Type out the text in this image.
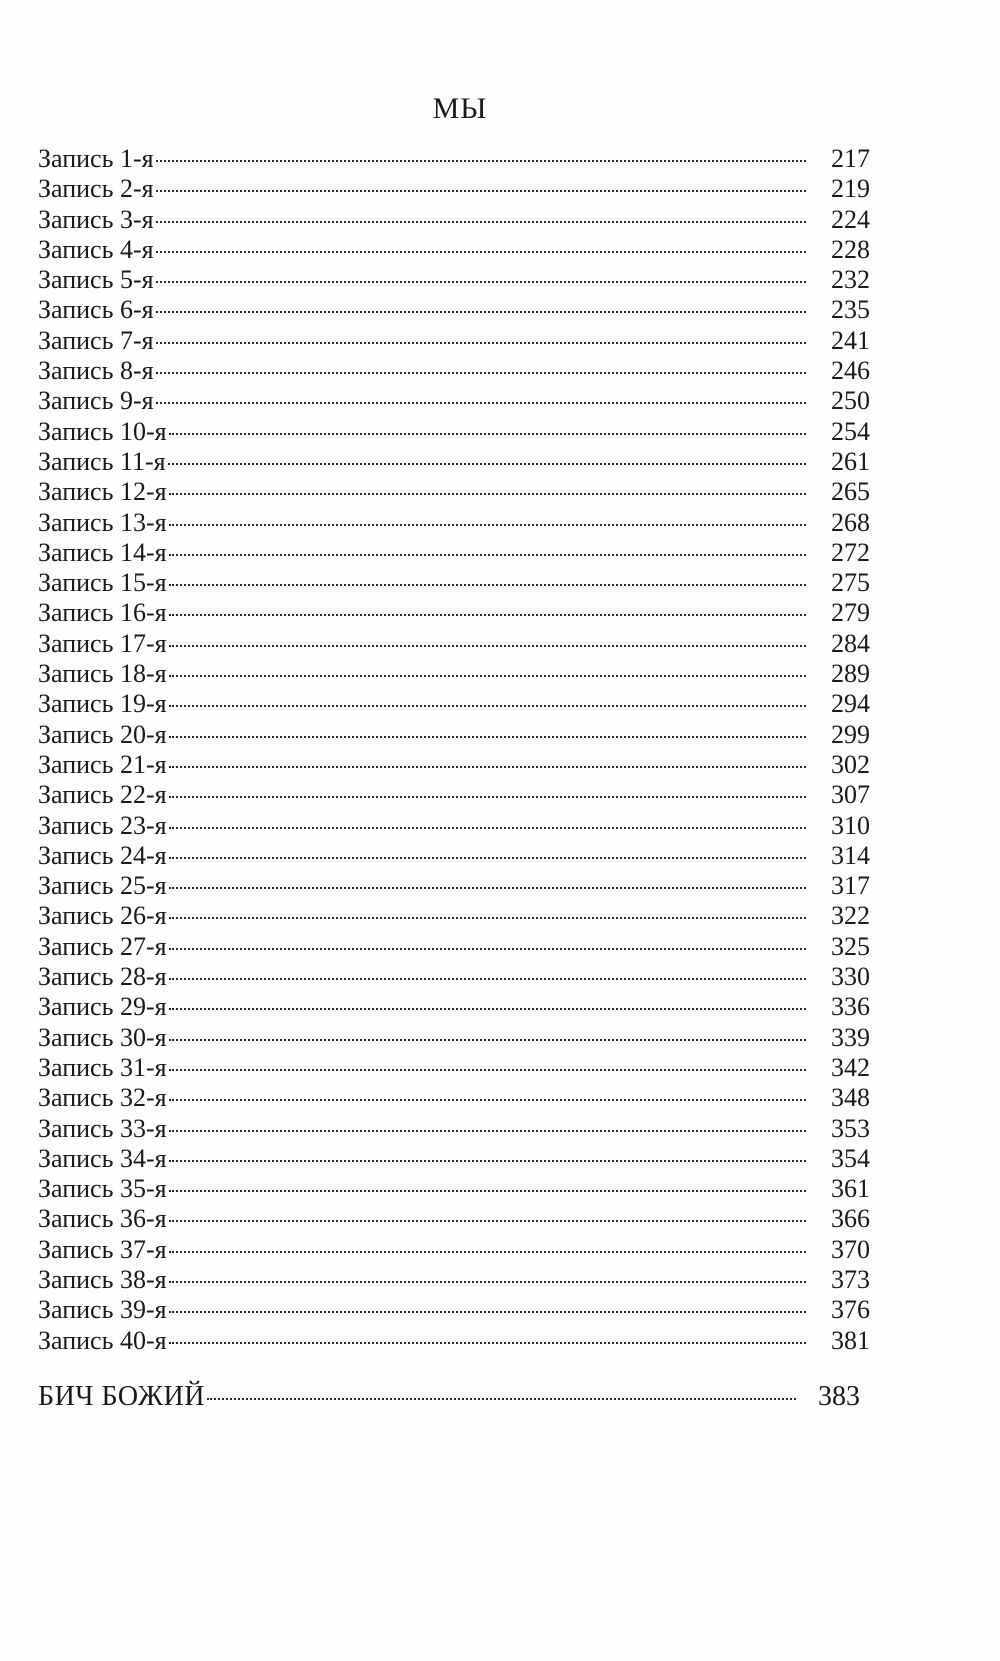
МЫ
Запись 1-я	217
Запись 2-я	219
Запись 3-я	224
Запись 4-я	228
Запись 5-я	232
Запись 6-я	235
Запись 7-я	241
Запись 8-я	246
Запись 9-я	250
Запись 10-я	254
Запись 11-я	261
Запись 12-я	265
Запись 13-я	268
Запись 14-я	272
Запись 15-я	275
Запись 16-я	279
Запись 17-я	284
Запись 18-я	289
Запись 19-я	294
Запись 20-я	299
Запись 21-я	302
Запись 22-я	307
Запись 23-я	310
Запись 24-я	314
Запись 25-я	317
Запись 26-я	322
Запись 27-я	325
Запись 28-я	330
Запись 29-я	336
Запись 30-я	339
Запись 31-я	342
Запись 32-я	348
Запись 33-я	353
Запись 34-я	354
Запись 35-я	361
Запись 36-я	366
Запись 37-я	370
Запись 38-я	373
Запись 39-я	376
Запись 40-я	381
БИЧ БОЖИЙ	383
